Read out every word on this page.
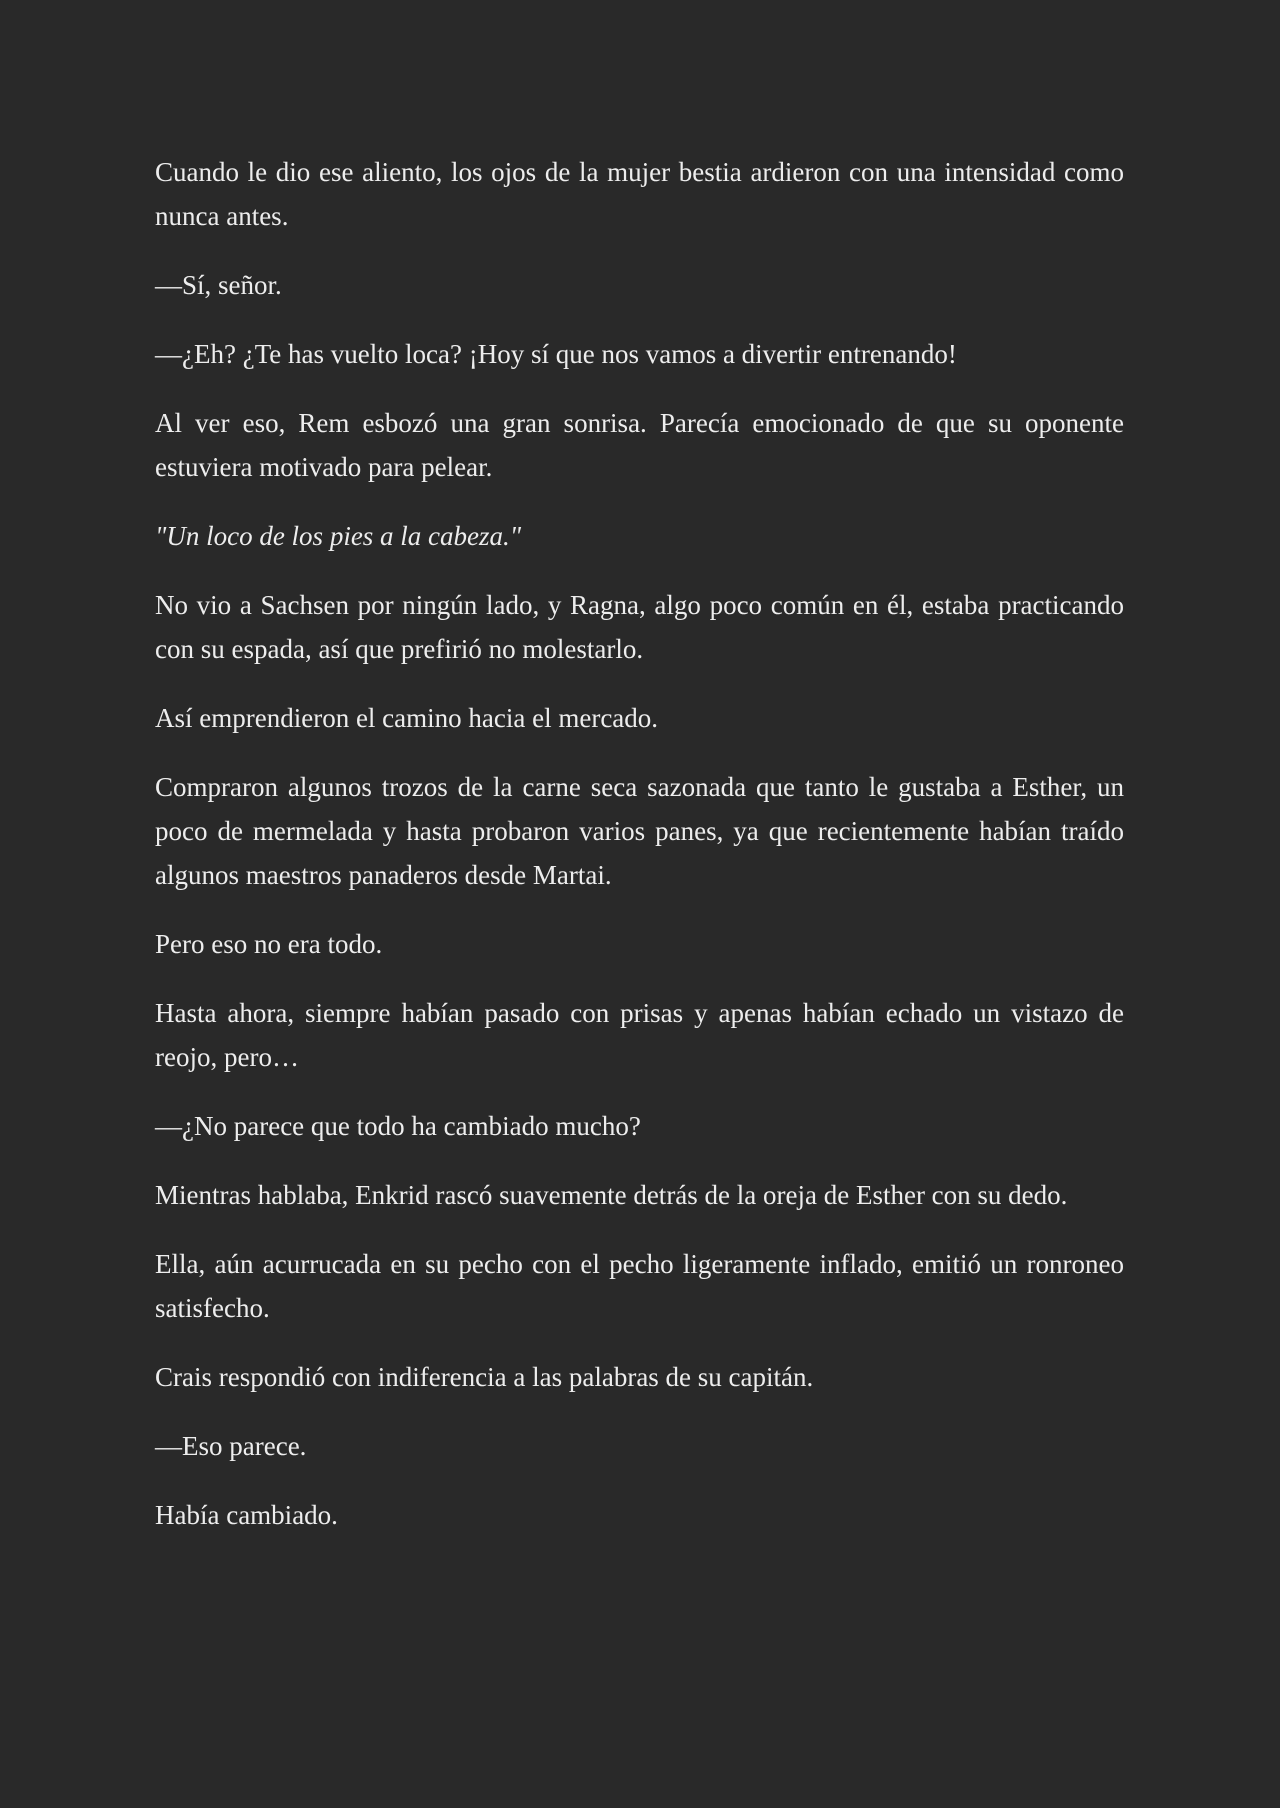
Cuando le dio ese aliento, los ojos de la mujer bestia ardieron con una intensidad como nunca antes.

—Sí, señor.

—¿Eh? ¿Te has vuelto loca? ¡Hoy sí que nos vamos a divertir entrenando!

Al ver eso, Rem esbozó una gran sonrisa. Parecía emocionado de que su oponente estuviera motivado para pelear.

"Un loco de los pies a la cabeza."

No vio a Sachsen por ningún lado, y Ragna, algo poco común en él, estaba practicando con su espada, así que prefirió no molestarlo.

Así emprendieron el camino hacia el mercado.

Compraron algunos trozos de la carne seca sazonada que tanto le gustaba a Esther, un poco de mermelada y hasta probaron varios panes, ya que recientemente habían traído algunos maestros panaderos desde Martai.

Pero eso no era todo.

Hasta ahora, siempre habían pasado con prisas y apenas habían echado un vistazo de reojo, pero…

—¿No parece que todo ha cambiado mucho?

Mientras hablaba, Enkrid rascó suavemente detrás de la oreja de Esther con su dedo.

Ella, aún acurrucada en su pecho con el pecho ligeramente inflado, emitió un ronroneo satisfecho.

Crais respondió con indiferencia a las palabras de su capitán.

—Eso parece.

Había cambiado.
